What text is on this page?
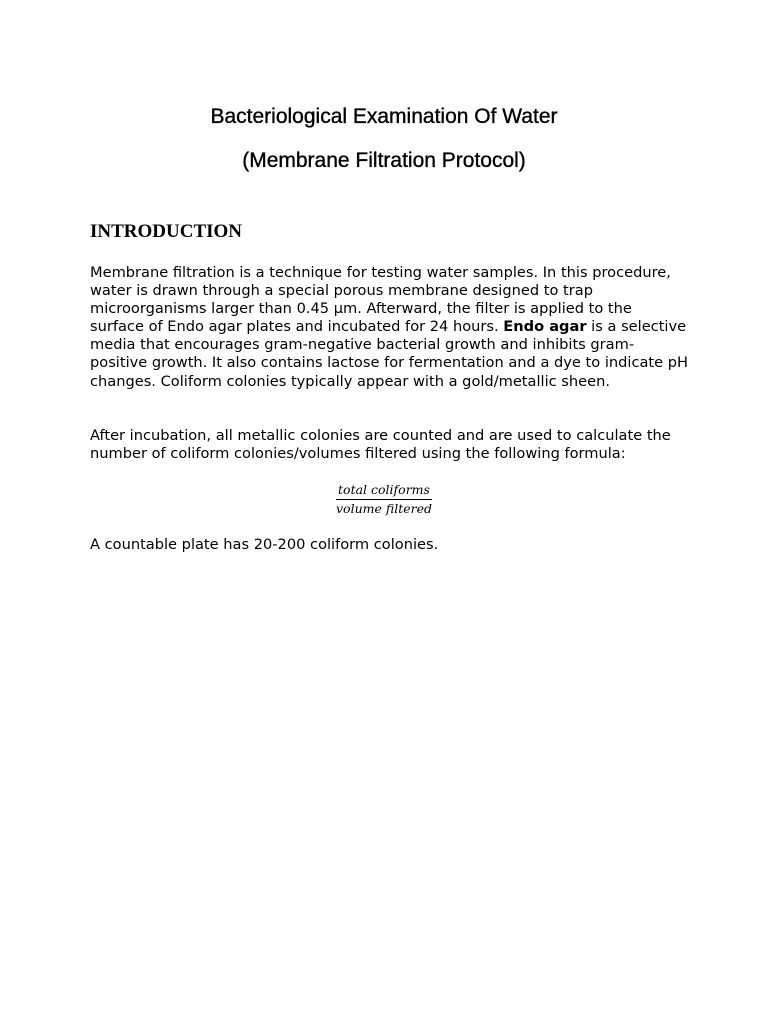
Bacteriological Examination Of Water
(Membrane Filtration Protocol)
INTRODUCTION

Membrane filtration is a technique for testing water samples. In this procedure, water is drawn through a special porous membrane designed to trap microorganisms larger than 0.45 µm. Afterward, the filter is applied to the surface of Endo agar plates and incubated for 24 hours. Endo agar is a selective media that encourages gram-negative bacterial growth and inhibits gram-positive growth. It also contains lactose for fermentation and a dye to indicate pH changes. Coliform colonies typically appear with a gold/metallic sheen.

After incubation, all metallic colonies are counted and are used to calculate the number of coliform colonies/volumes filtered using the following formula:

$\frac{\text{total coliforms}}{\text{volume filtered}}$

A countable plate has 20-200 coliform colonies.
